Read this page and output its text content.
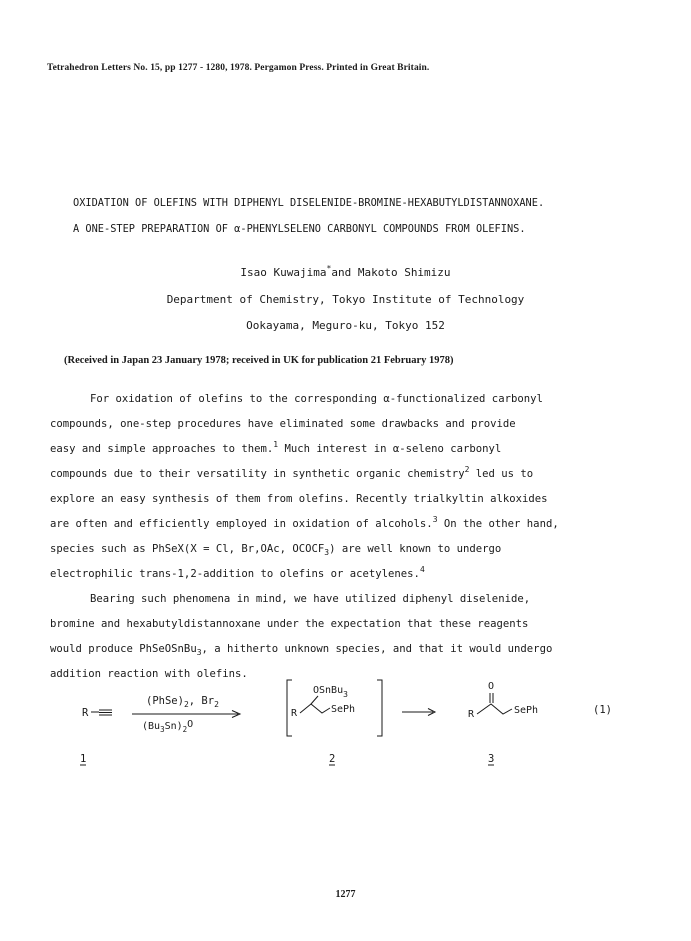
Tetrahedron Letters No. 15, pp 1277 - 1280, 1978. Pergamon Press. Printed in Great Britain.
OXIDATION OF OLEFINS WITH DIPHENYL DISELENIDE-BROMINE-HEXABUTYLDISTANNOXANE.
A ONE-STEP PREPARATION OF α-PHENYLSELENO CARBONYL COMPOUNDS FROM OLEFINS.
Isao Kuwajima*and Makoto Shimizu
Department of Chemistry, Tokyo Institute of Technology
Ookayama, Meguro-ku, Tokyo 152
(Received in Japan 23 January 1978; received in UK for publication 21 February 1978)
For oxidation of olefins to the corresponding α-functionalized carbonyl
compounds, one-step procedures have eliminated some drawbacks and provide
easy and simple approaches to them.$^1$ Much interest in α-seleno carbonyl
compounds due to their versatility in synthetic organic chemistry$^2$ led us to
explore an easy synthesis of them from olefins. Recently trialkyltin alkoxides
are often and efficiently employed in oxidation of alcohols.$^3$ On the other hand,
species such as PhSeX(X = Cl, Br,OAc, $OCOCF_3$) are well known to undergo
electrophilic trans-1,2-addition to olefins or acetylenes.$^4$
Bearing such phenomena in mind, we have utilized diphenyl diselenide,
bromine and hexabutyldistannoxane under the expectation that these reagents
would produce PhSeOSnBu$_3$, a hitherto unknown species, and that it would undergo
addition reaction with olefins.
R
$(PhSe)_2$, $Br_2$
$(Bu_3Sn)_2O$
OSnBu$_3$
R	SePh
O
R	SePh	(1)
1	2	3
1277
